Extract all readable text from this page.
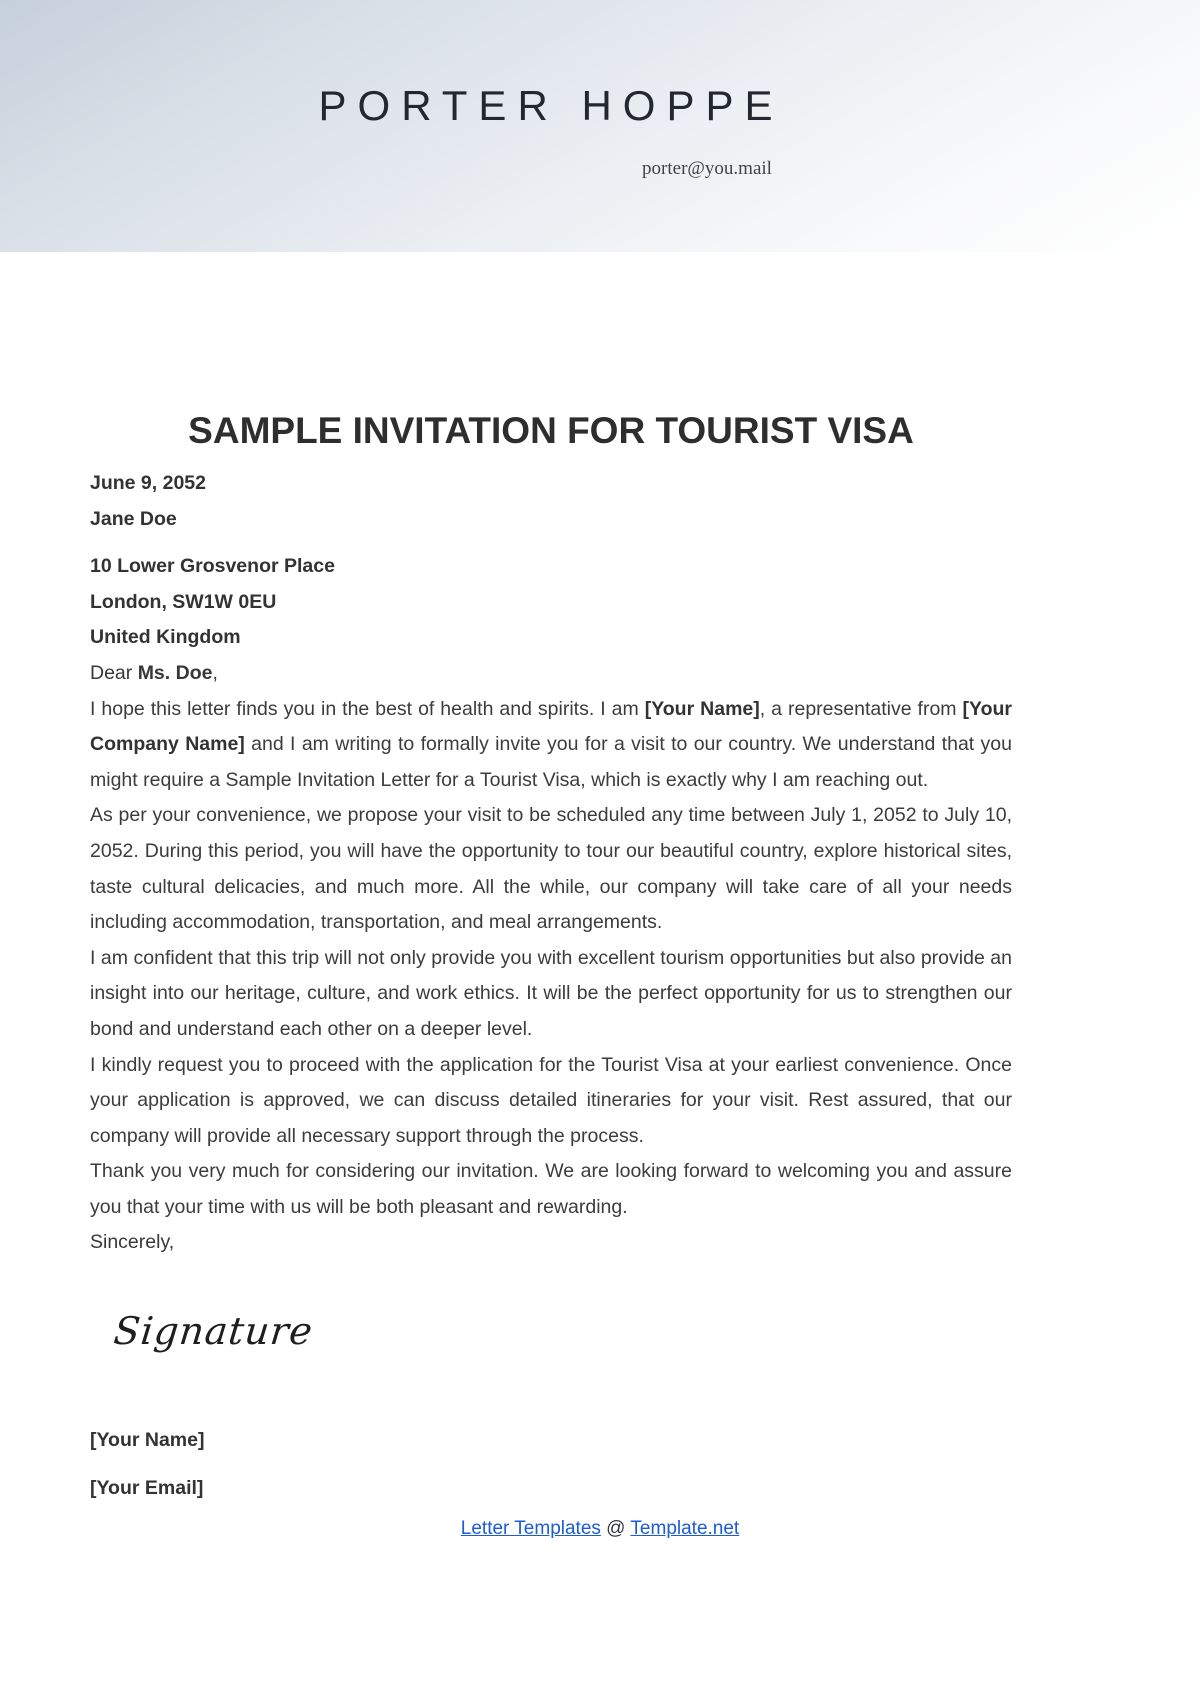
PORTER HOPPE
porter@you.mail
SAMPLE INVITATION FOR TOURIST VISA
June 9, 2052
Jane Doe
10 Lower Grosvenor Place
London, SW1W 0EU
United Kingdom

Dear Ms. Doe,

I hope this letter finds you in the best of health and spirits. I am [Your Name], a representative from [Your Company Name] and I am writing to formally invite you for a visit to our country. We understand that you might require a Sample Invitation Letter for a Tourist Visa, which is exactly why I am reaching out.

As per your convenience, we propose your visit to be scheduled any time between July 1, 2052 to July 10, 2052. During this period, you will have the opportunity to tour our beautiful country, explore historical sites, taste cultural delicacies, and much more. All the while, our company will take care of all your needs including accommodation, transportation, and meal arrangements.

I am confident that this trip will not only provide you with excellent tourism opportunities but also provide an insight into our heritage, culture, and work ethics. It will be the perfect opportunity for us to strengthen our bond and understand each other on a deeper level.

I kindly request you to proceed with the application for the Tourist Visa at your earliest convenience. Once your application is approved, we can discuss detailed itineraries for your visit. Rest assured, that our company will provide all necessary support through the process.

Thank you very much for considering our invitation. We are looking forward to welcoming you and assure you that your time with us will be both pleasant and rewarding.

Sincerely,

Signature
[Your Name]
[Your Email]
Letter Templates @ Template.net
